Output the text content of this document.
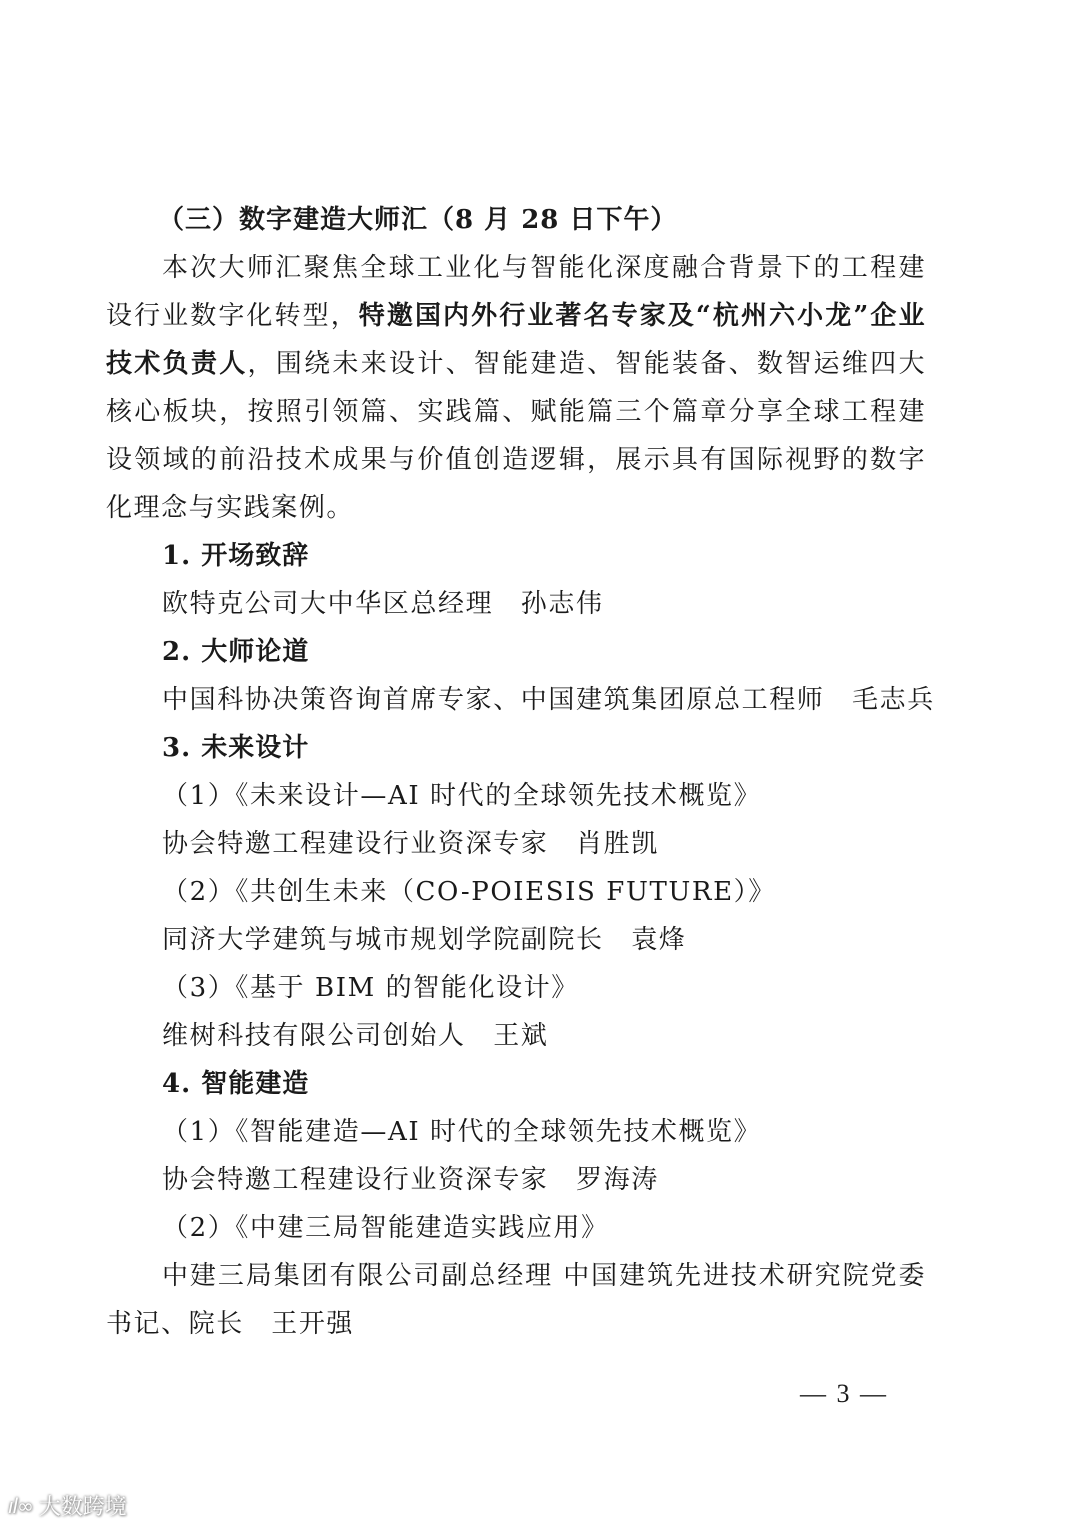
（三）数字建造大师汇（8 月 28 日下午）

本次大师汇聚焦全球工业化与智能化深度融合背景下的工程建设行业数字化转型，特邀国内外行业著名专家及“杭州六小龙”企业技术负责人，围绕未来设计、智能建造、智能装备、数智运维四大核心板块，按照引领篇、实践篇、赋能篇三个篇章分享全球工程建设领域的前沿技术成果与价值创造逻辑，展示具有国际视野的数字化理念与实践案例。

1. 开场致辞
欧特克公司大中华区总经理　孙志伟
2. 大师论道
中国科协决策咨询首席专家、中国建筑集团原总工程师　毛志兵
3. 未来设计
（1）《未来设计—AI 时代的全球领先技术概览》
协会特邀工程建设行业资深专家　肖胜凯
（2）《共创生未来（CO-POIESIS FUTURE）》
同济大学建筑与城市规划学院副院长　袁烽
（3）《基于 BIM 的智能化设计》
维树科技有限公司创始人　王斌
4. 智能建造
（1）《智能建造—AI 时代的全球领先技术概览》
协会特邀工程建设行业资深专家　罗海涛
（2）《中建三局智能建造实践应用》

中建三局集团有限公司副总经理 中国建筑先进技术研究院党委书记、院长　王开强

— 3 —
ıl∞ 大数跨境
